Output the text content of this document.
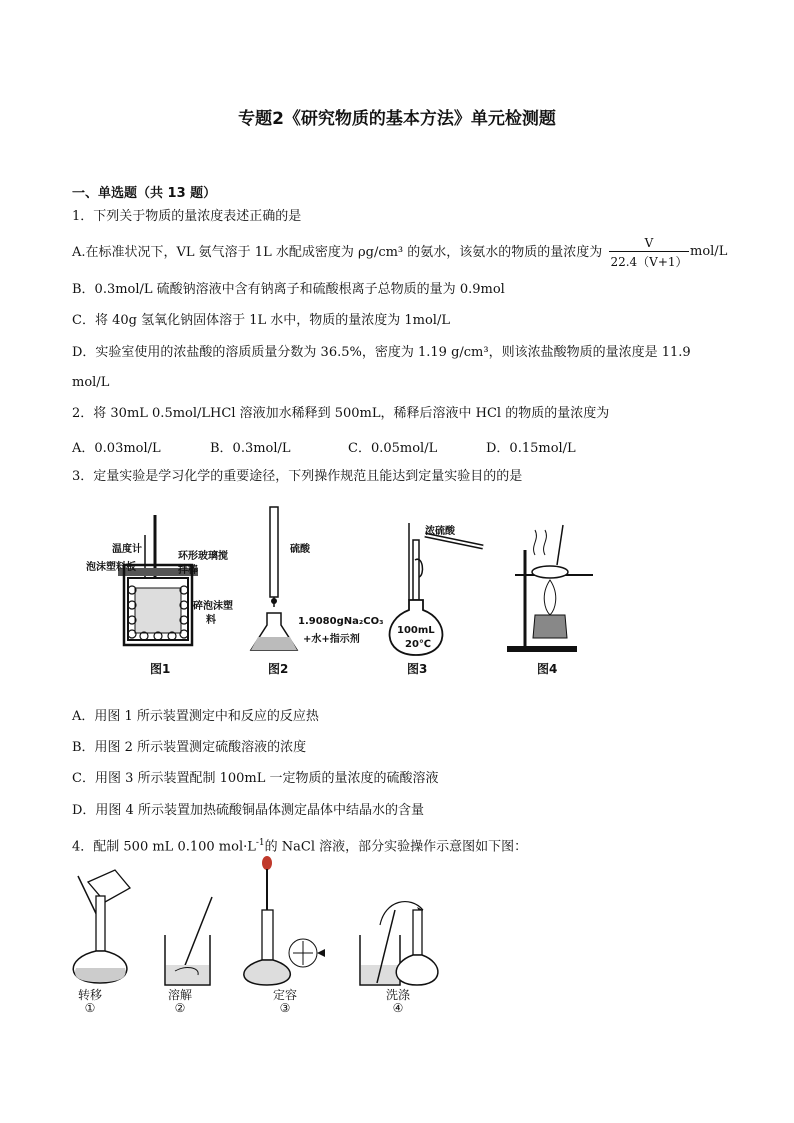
专题2《研究物质的基本方法》单元检测题
一、单选题（共 13 题）
1．下列关于物质的量浓度表述正确的是
A.在标准状况下，VL 氨气溶于 1L 水配成密度为 ρg/cm³ 的氨水，该氨水的物质的量浓度为 $\frac{V}{22.4(V+1)} mol/L$
B．0.3mol/L 硫酸钠溶液中含有钠离子和硫酸根离子总物质的量为 0.9mol
C．将 40g 氢氧化钠固体溶于 1L 水中，物质的量浓度为 1mol/L
D．实验室使用的浓盐酸的溶质质量分数为 36.5%，密度为 1.19 g/cm³，则该浓盐酸物质的量浓度是 11.9
mol/L
2．将 30mL 0.5mol/LHCl 溶液加水稀释到 500mL，稀释后溶液中 HCl 的物质的量浓度为
A．0.03mol/L	B．0.3mol/L	C．0.05mol/L	D．0.15mol/L
3．定量实验是学习化学的重要途径，下列操作规范且能达到定量实验目的的是
温度计
泡沫塑料板
环形玻璃搅
拌棒
碎泡沫塑
料
图1
硫酸
1.9080gNa₂CO₃
+水+指示剂
图2
浓硫酸
100mL
20℃
图3	图4
A．用图 1 所示装置测定中和反应的反应热
B．用图 2 所示装置测定硫酸溶液的浓度
C．用图 3 所示装置配制 100mL 一定物质的量浓度的硫酸溶液
D．用图 4 所示装置加热硫酸铜晶体测定晶体中结晶水的含量
4．配制 500 mL 0.100 $mol\cdot L^{-1}$的 NaCl 溶液，部分实验操作示意图如下图：
转移
①
溶解
②
定容
③
洗涤
④
